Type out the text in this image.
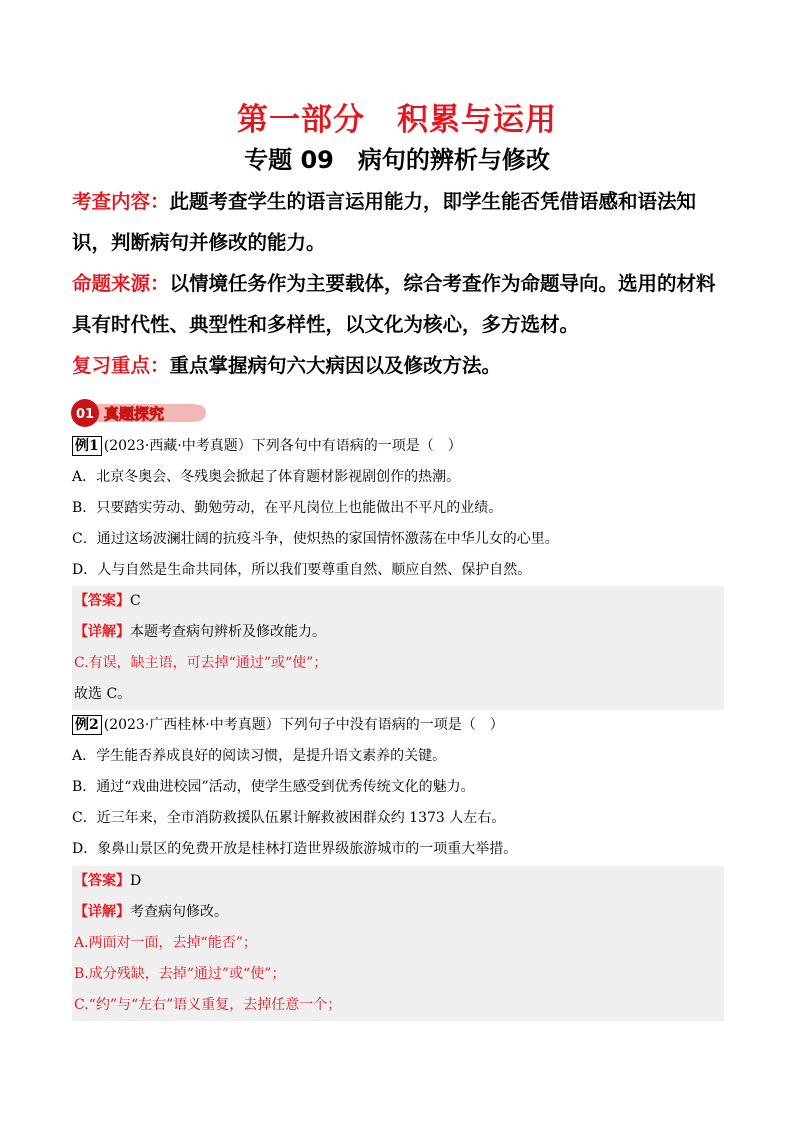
第一部分　积累与运用
专题 09　病句的辨析与修改
考查内容：此题考查学生的语言运用能力，即学生能否凭借语感和语法知识，判断病句并修改的能力。
命题来源：以情境任务作为主要载体，综合考查作为命题导向。选用的材料具有时代性、典型性和多样性，以文化为核心，多方选材。
复习重点：重点掌握病句六大病因以及修改方法。
01 真题探究
例1 (2023·西藏·中考真题）下列各句中有语病的一项是（　）
A．北京冬奥会、冬残奥会掀起了体育题材影视剧创作的热潮。
B．只要踏实劳动、勤勉劳动，在平凡岗位上也能做出不平凡的业绩。
C．通过这场波澜壮阔的抗疫斗争，使炽热的家国情怀激荡在中华儿女的心里。
D．人与自然是生命共同体，所以我们要尊重自然、顺应自然、保护自然。
【答案】C
【详解】本题考查病句辨析及修改能力。
C.有误，缺主语，可去掉“通过”或“使”；
故选 C。
例2 (2023·广西桂林·中考真题）下列句子中没有语病的一项是（　）
A．学生能否养成良好的阅读习惯，是提升语文素养的关键。
B．通过“戏曲进校园”活动，使学生感受到优秀传统文化的魅力。
C．近三年来，全市消防救援队伍累计解救被困群众约 1373 人左右。
D．象鼻山景区的免费开放是桂林打造世界级旅游城市的一项重大举措。
【答案】D
【详解】考查病句修改。
A.两面对一面，去掉“能否”；
B.成分残缺，去掉“通过”或“使”；
C.“约”与“左右”语义重复，去掉任意一个；
